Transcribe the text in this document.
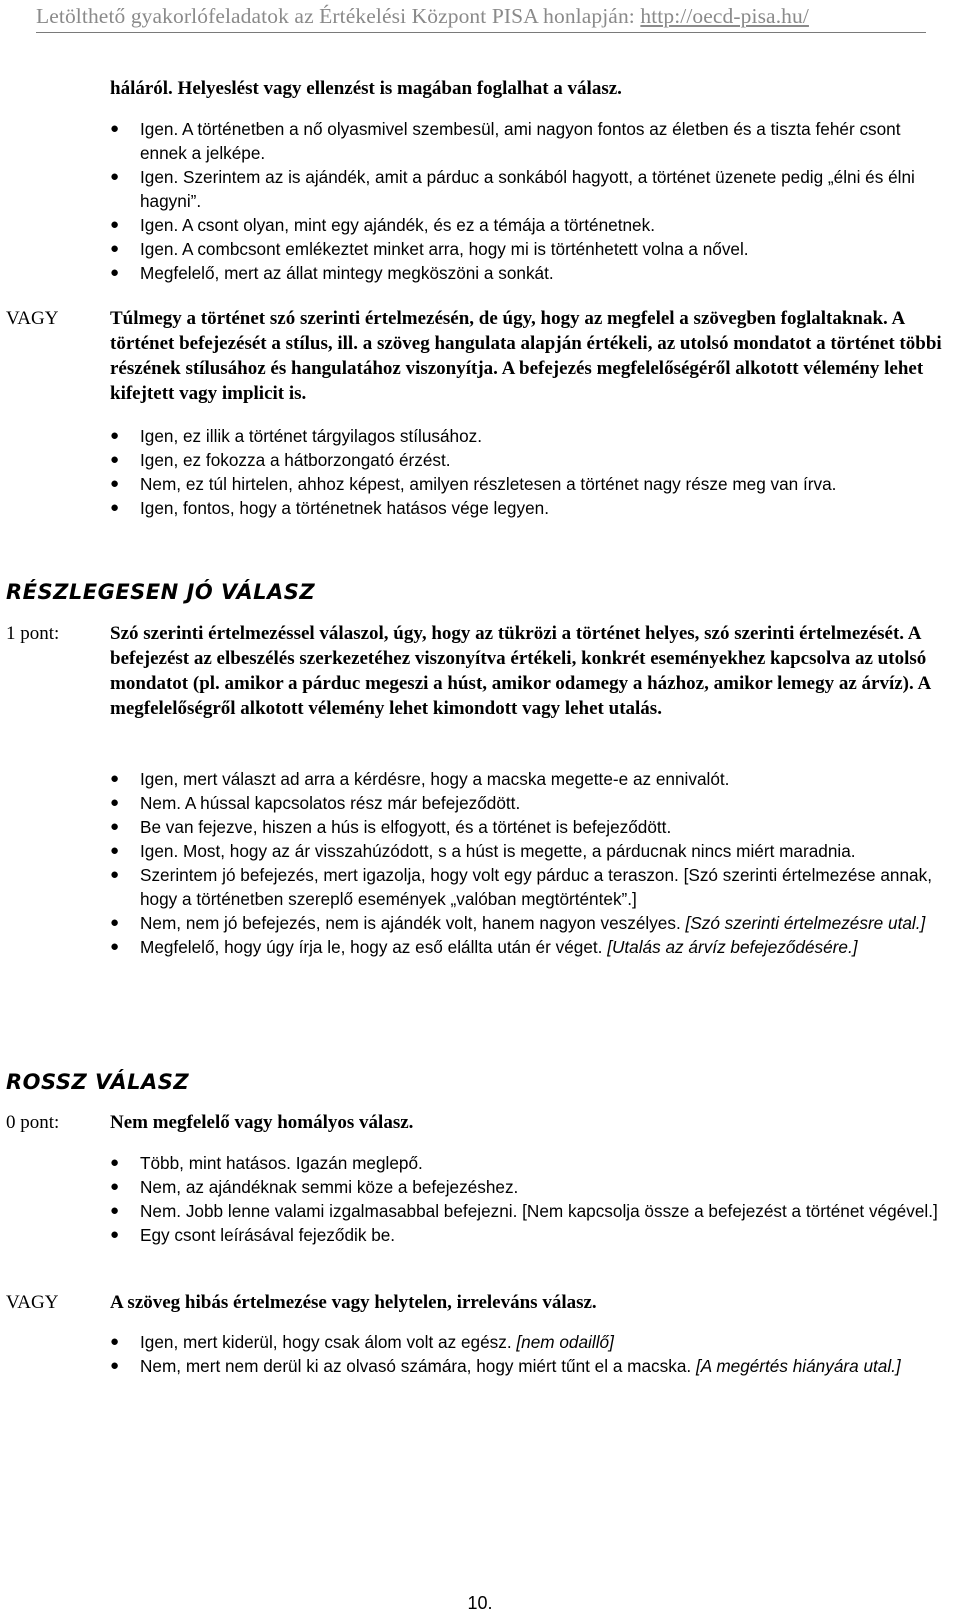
Letölthető gyakorlófeladatok az Értékelési Központ PISA honlapján: http://oecd-pisa.hu/
háláról. Helyeslést vagy ellenzést is magában foglalhat a válasz.
● Igen. A történetben a nő olyasmivel szembesül, ami nagyon fontos az életben és a tiszta fehér csont ennek a jelképe.
● Igen. Szerintem az is ajándék, amit a párduc a sonkából hagyott, a történet üzenete pedig „élni és élni hagyni”.
● Igen. A csont olyan, mint egy ajándék, és ez a témája a történetnek.
● Igen. A combcsont emlékeztet minket arra, hogy mi is történhetett volna a nővel.
● Megfelelő, mert az állat mintegy megköszöni a sonkát.
VAGY	Túlmegy a történet szó szerinti értelmezésén, de úgy, hogy az megfelel a szövegben foglaltaknak. A történet befejezését a stílus, ill. a szöveg hangulata alapján értékeli, az utolsó mondatot a történet többi részének stílusához és hangulatához viszonyítja. A befejezés megfelelőségéről alkotott vélemény lehet kifejtett vagy implicit is.
● Igen, ez illik a történet tárgyilagos stílusához.
● Igen, ez fokozza a hátborzongató érzést.
● Nem, ez túl hirtelen, ahhoz képest, amilyen részletesen a történet nagy része meg van írva.
● Igen, fontos, hogy a történetnek hatásos vége legyen.
RÉSZLEGESEN JÓ VÁLASZ
1 pont:	Szó szerinti értelmezéssel válaszol, úgy, hogy az tükrözi a történet helyes, szó szerinti értelmezését. A befejezést az elbeszélés szerkezetéhez viszonyítva értékeli, konkrét eseményekhez kapcsolva az utolsó mondatot (pl. amikor a párduc megeszi a húst, amikor odamegy a házhoz, amikor lemegy az árvíz). A megfelelőségről alkotott vélemény lehet kimondott vagy lehet utalás.
● Igen, mert választ ad arra a kérdésre, hogy a macska megette-e az ennivalót.
● Nem. A hússal kapcsolatos rész már befejeződött.
● Be van fejezve, hiszen a hús is elfogyott, és a történet is befejeződött.
● Igen. Most, hogy az ár visszahúzódott, s a húst is megette, a párducnak nincs miért maradnia.
● Szerintem jó befejezés, mert igazolja, hogy volt egy párduc a teraszon. [Szó szerinti értelmezése annak, hogy a történetben szereplő események „valóban megtörténtek”.]
● Nem, nem jó befejezés, nem is ajándék volt, hanem nagyon veszélyes. [Szó szerinti értelmezésre utal.]
● Megfelelő, hogy úgy írja le, hogy az eső elállta után ér véget. [Utalás az árvíz befejeződésére.]
ROSSZ VÁLASZ
0 pont:	Nem megfelelő vagy homályos válasz.
● Több, mint hatásos. Igazán meglepő.
● Nem, az ajándéknak semmi köze a befejezéshez.
● Nem. Jobb lenne valami izgalmasabbal befejezni. [Nem kapcsolja össze a befejezést a történet végével.]
● Egy csont leírásával fejeződik be.
VAGY	A szöveg hibás értelmezése vagy helytelen, irreleváns válasz.
● Igen, mert kiderül, hogy csak álom volt az egész. [nem odaillő]
● Nem, mert nem derül ki az olvasó számára, hogy miért tűnt el a macska. [A megértés hiányára utal.]
10.
